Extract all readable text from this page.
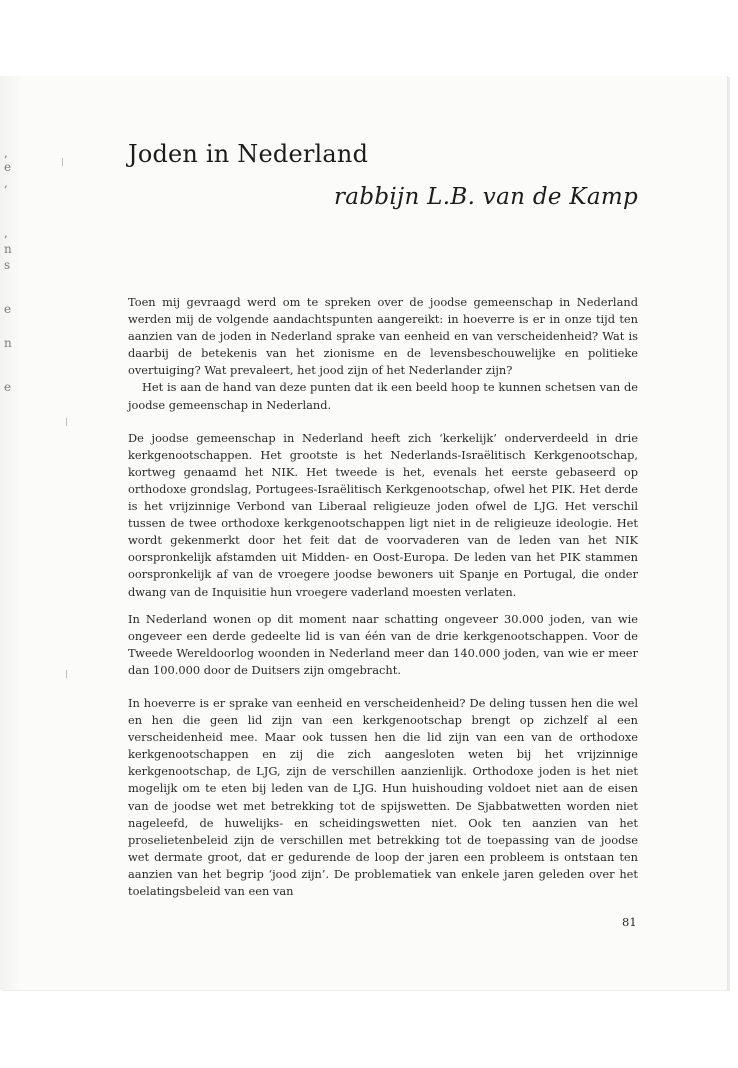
,
e
,
,
n
s
e
n
e
Joden in Nederland
rabbijn L.B. van de Kamp

Toen mij gevraagd werd om te spreken over de joodse gemeenschap in Nederland werden mij de volgende aandachtspunten aangereikt: in hoeverre is er in onze tijd ten aanzien van de joden in Nederland sprake van eenheid en van verscheidenheid? Wat is daarbij de betekenis van het zionisme en de levensbeschouwelijke en politieke overtuiging? Wat prevaleert, het jood zijn of het Nederlander zijn?

Het is aan de hand van deze punten dat ik een beeld hoop te kunnen schetsen van de joodse gemeenschap in Nederland.

De joodse gemeenschap in Nederland heeft zich ‘kerkelijk’ onderverdeeld in drie kerkgenootschappen. Het grootste is het Nederlands-Israëlitisch Kerkgenootschap, kortweg genaamd het NIK. Het tweede is het, evenals het eerste gebaseerd op orthodoxe grondslag, Portugees-Israëlitisch Kerkgenootschap, ofwel het PIK. Het derde is het vrijzinnige Verbond van Liberaal religieuze joden ofwel de LJG. Het verschil tussen de twee orthodoxe kerkgenootschappen ligt niet in de religieuze ideologie. Het wordt gekenmerkt door het feit dat de voorvaderen van de leden van het NIK oorspronkelijk afstamden uit Midden- en Oost-Europa. De leden van het PIK stammen oorspronkelijk af van de vroegere joodse bewoners uit Spanje en Portugal, die onder dwang van de Inquisitie hun vroegere vaderland moesten verlaten.

In Nederland wonen op dit moment naar schatting ongeveer 30.000 joden, van wie ongeveer een derde gedeelte lid is van één van de drie kerkgenootschappen. Voor de Tweede Wereldoorlog woonden in Nederland meer dan 140.000 joden, van wie er meer dan 100.000 door de Duitsers zijn omgebracht.

In hoeverre is er sprake van eenheid en verscheidenheid? De deling tussen hen die wel en hen die geen lid zijn van een kerkgenootschap brengt op zichzelf al een verscheidenheid mee. Maar ook tussen hen die lid zijn van een van de orthodoxe kerkgenootschappen en zij die zich aangesloten weten bij het vrijzinnige kerkgenootschap, de LJG, zijn de verschillen aanzienlijk. Orthodoxe joden is het niet mogelijk om te eten bij leden van de LJG. Hun huishouding voldoet niet aan de eisen van de joodse wet met betrekking tot de spijswetten. De Sjabbatwetten worden niet nageleefd, de huwelijks- en scheidingswetten niet. Ook ten aanzien van het proselietenbeleid zijn de verschillen met betrekking tot de toepassing van de joodse wet dermate groot, dat er gedurende de loop der jaren een probleem is ontstaan ten aanzien van het begrip ‘jood zijn’. De problematiek van enkele jaren geleden over het toelatingsbeleid van een van

81
